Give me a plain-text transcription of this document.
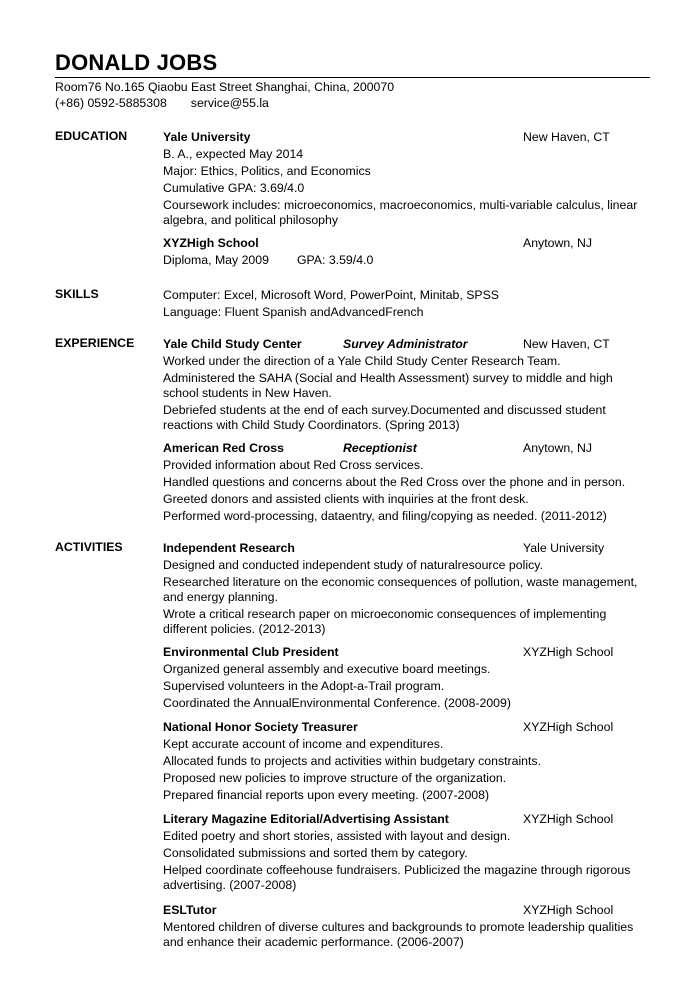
DONALD JOBS
Room76 No.165 Qiaobu East Street Shanghai, China, 200070
(+86) 0592-5885308 service@55.la
EDUCATION	Yale University	New Haven, CT
B. A., expected May 2014
Major: Ethics, Politics, and Economics
Cumulative GPA: 3.69/4.0
Coursework includes: microeconomics, macroeconomics, multi-variable calculus, linear algebra, and political philosophy
XYZHigh School	Anytown, NJ
Diploma, May 2009 GPA: 3.59/4.0
SKILLS	Computer: Excel, Microsoft Word, PowerPoint, Minitab, SPSS
Language: Fluent Spanish andAdvancedFrench
EXPERIENCE Yale Child Study Center	Survey Administrator	New Haven, CT
Worked under the direction of a Yale Child Study Center Research Team.
Administered the SAHA (Social and Health Assessment) survey to middle and high school students in New Haven.
Debriefed students at the end of each survey.Documented and discussed student reactions with Child Study Coordinators. (Spring 2013)
American Red Cross	Receptionist	Anytown, NJ
Provided information about Red Cross services.
Handled questions and concerns about the Red Cross over the phone and in person.
Greeted donors and assisted clients with inquiries at the front desk.
Performed word-processing, dataentry, and filing/copying as needed. (2011-2012)
ACTIVITIES	Independent Research	Yale University
Designed and conducted independent study of naturalresource policy.
Researched literature on the economic consequences of pollution, waste management, and energy planning.
Wrote a critical research paper on microeconomic consequences of implementing different policies. (2012-2013)
Environmental Club President	XYZHigh School
Organized general assembly and executive board meetings.
Supervised volunteers in the Adopt-a-Trail program.
Coordinated the AnnualEnvironmental Conference. (2008-2009)
National Honor Society Treasurer	XYZHigh School
Kept accurate account of income and expenditures.
Allocated funds to projects and activities within budgetary constraints.
Proposed new policies to improve structure of the organization.
Prepared financial reports upon every meeting. (2007-2008)
Literary Magazine Editorial/Advertising Assistant	XYZHigh School
Edited poetry and short stories, assisted with layout and design.
Consolidated submissions and sorted them by category.
Helped coordinate coffeehouse fundraisers. Publicized the magazine through rigorous advertising. (2007-2008)
ESLTutor	XYZHigh School
Mentored children of diverse cultures and backgrounds to promote leadership qualities and enhance their academic performance. (2006-2007)
